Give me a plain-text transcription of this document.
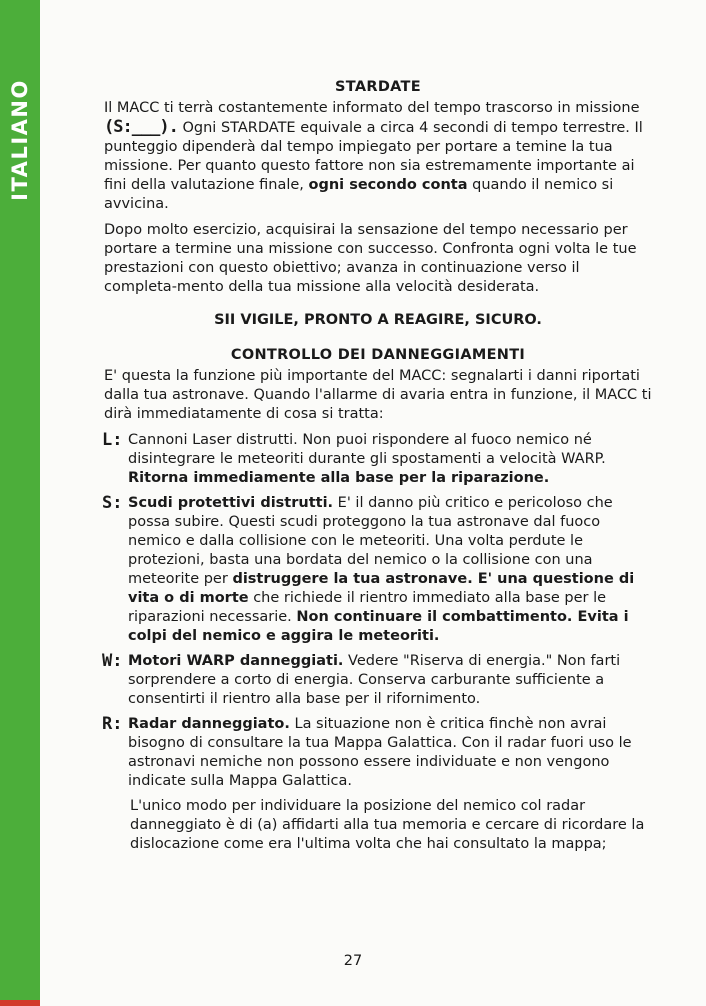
ITALIANO	STARDATE

Il MACC ti terrà costantemente informato del tempo trascorso in missione (S:___). Ogni STARDATE equivale a circa 4 secondi di tempo terrestre. Il punteggio dipenderà dal tempo impiegato per portare a temine la tua missione. Per quanto questo fattore non sia estremamente importante ai fini della valutazione finale, ogni secondo conta quando il nemico si avvicina.

Dopo molto esercizio, acquisirai la sensazione del tempo necessario per portare a termine una missione con successo. Confronta ogni volta le tue prestazioni con questo obiettivo; avanza in continuazione verso il completa-mento della tua missione alla velocità desiderata.

SII VIGILE, PRONTO A REAGIRE, SICURO.
CONTROLLO DEI DANNEGGIAMENTI

E' questa la funzione più importante del MACC: segnalarti i danni riportati dalla tua astronave. Quando l'allarme di avaria entra in funzione, il MACC ti dirà immediatamente di cosa si tratta:

L: Cannoni Laser distrutti. Non puoi rispondere al fuoco nemico né disintegrare le meteoriti durante gli spostamenti a velocità WARP. Ritorna immediamente alla base per la riparazione.
S: Scudi protettivi distrutti. E' il danno più critico e pericoloso che possa subire. Questi scudi proteggono la tua astronave dal fuoco nemico e dalla collisione con le meteoriti. Una volta perdute le protezioni, basta una bordata del nemico o la collisione con una meteorite per distruggere la tua astronave. E' una questione di vita o di morte che richiede il rientro immediato alla base per le riparazioni necessarie. Non continuare il combattimento. Evita i colpi del nemico e aggira le meteoriti.
W: Motori WARP danneggiati. Vedere "Riserva di energia." Non farti sorprendere a corto di energia. Conserva carburante sufficiente a consentirti il rientro alla base per il rifornimento.
R: Radar danneggiato. La situazione non è critica finchè non avrai bisogno di consultare la tua Mappa Galattica. Con il radar fuori uso le astronavi nemiche non possono essere individuate e non vengono indicate sulla Mappa Galattica.

L'unico modo per individuare la posizione del nemico col radar danneggiato è di (a) affidarti alla tua memoria e cercare di ricordare la dislocazione come era l'ultima volta che hai consultato la mappa;

27
